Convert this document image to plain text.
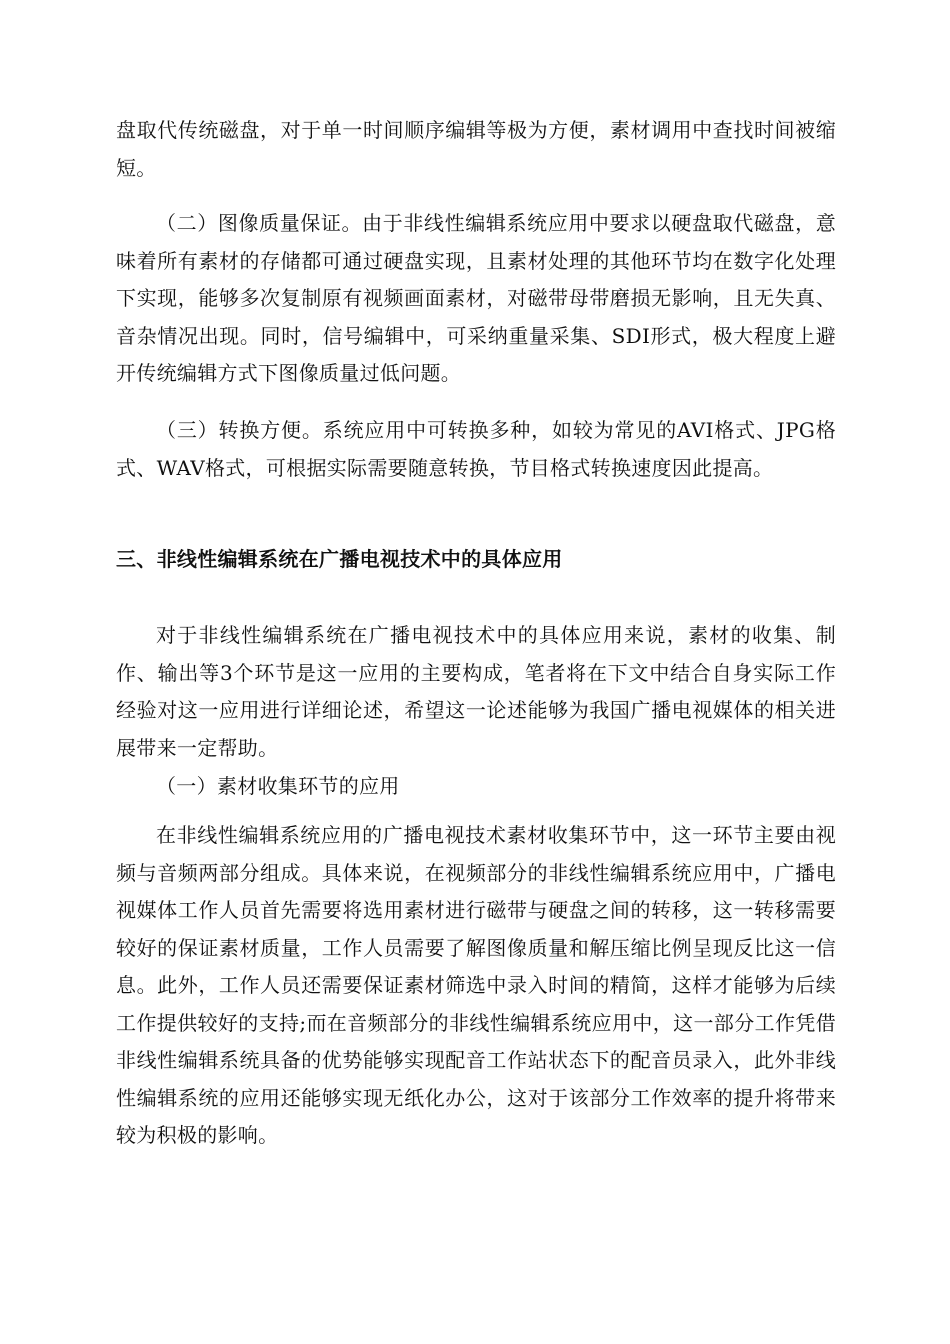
盘取代传统磁盘，对于单一时间顺序编辑等极为方便，素材调用中查找时间被缩短。

（二）图像质量保证。由于非线性编辑系统应用中要求以硬盘取代磁盘，意味着所有素材的存储都可通过硬盘实现，且素材处理的其他环节均在数字化处理下实现，能够多次复制原有视频画面素材，对磁带母带磨损无影响，且无失真、音杂情况出现。同时，信号编辑中，可采纳重量采集、SDI形式，极大程度上避开传统编辑方式下图像质量过低问题。

（三）转换方便。系统应用中可转换多种，如较为常见的AVI格式、JPG格式、WAV格式，可根据实际需要随意转换，节目格式转换速度因此提高。

三、非线性编辑系统在广播电视技术中的具体应用

对于非线性编辑系统在广播电视技术中的具体应用来说，素材的收集、制作、输出等3个环节是这一应用的主要构成，笔者将在下文中结合自身实际工作经验对这一应用进行详细论述，希望这一论述能够为我国广播电视媒体的相关进展带来一定帮助。

（一）素材收集环节的应用

在非线性编辑系统应用的广播电视技术素材收集环节中，这一环节主要由视频与音频两部分组成。具体来说，在视频部分的非线性编辑系统应用中，广播电视媒体工作人员首先需要将选用素材进行磁带与硬盘之间的转移，这一转移需要较好的保证素材质量，工作人员需要了解图像质量和解压缩比例呈现反比这一信息。此外，工作人员还需要保证素材筛选中录入时间的精简，这样才能够为后续工作提供较好的支持;而在音频部分的非线性编辑系统应用中，这一部分工作凭借非线性编辑系统具备的优势能够实现配音工作站状态下的配音员录入，此外非线性编辑系统的应用还能够实现无纸化办公，这对于该部分工作效率的提升将带来较为积极的影响。
